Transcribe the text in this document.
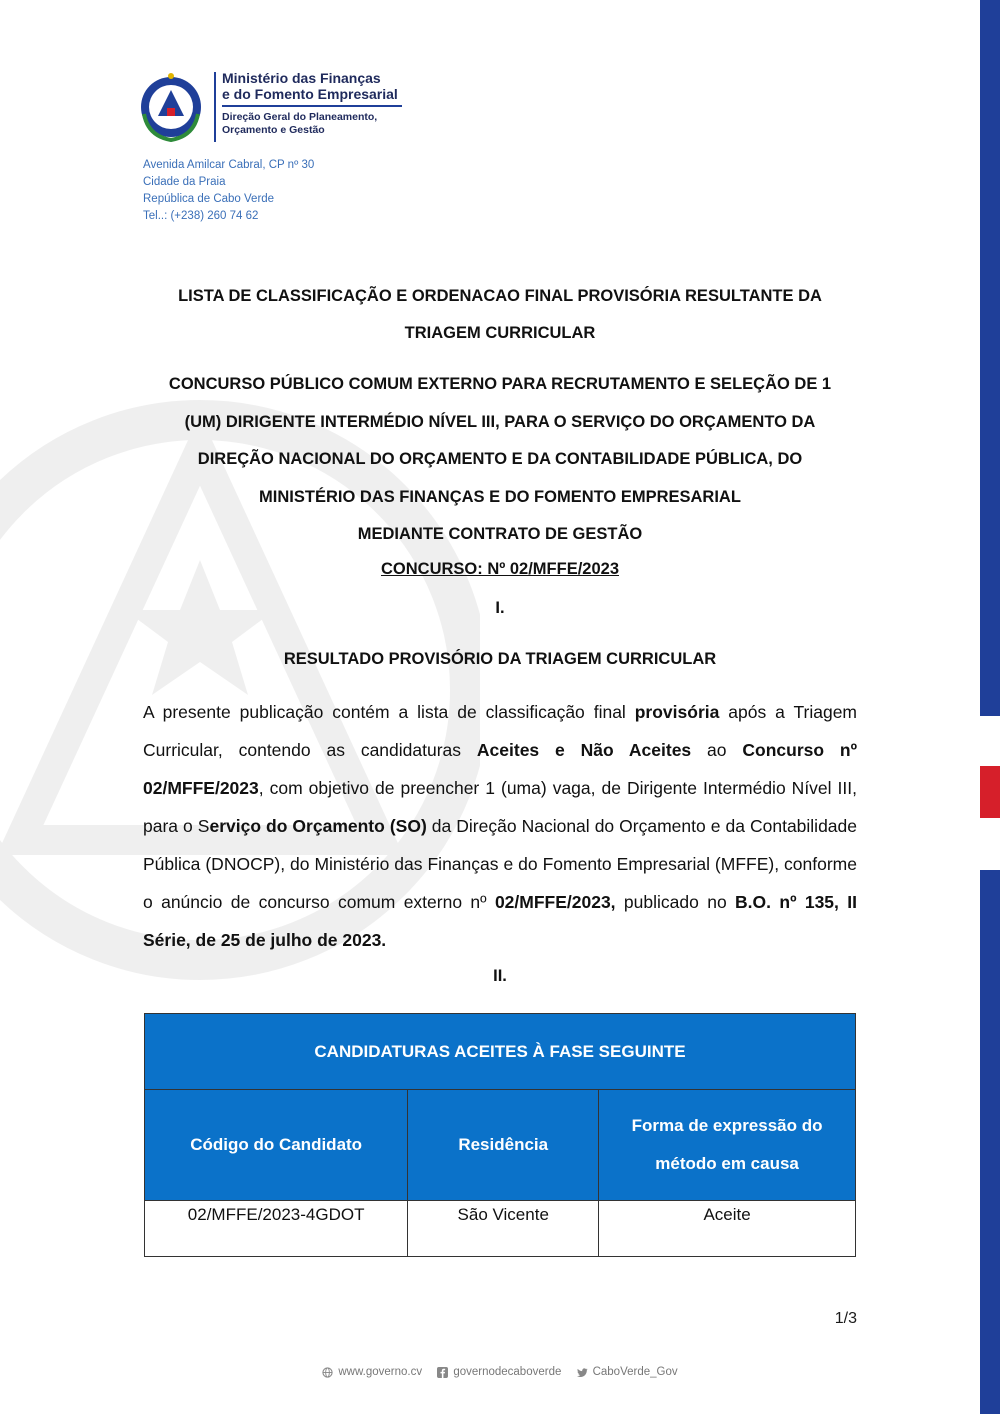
Ministério das Finanças
e do Fomento Empresarial
Direção Geral do Planeamento,
Orçamento e Gestão
Avenida Amilcar Cabral, CP nº 30
Cidade da Praia
República de Cabo Verde
Tel..: (+238) 260 74 62
LISTA DE CLASSIFICAÇÃO E ORDENACAO FINAL PROVISÓRIA RESULTANTE DA
TRIAGEM CURRICULAR
CONCURSO PÚBLICO COMUM EXTERNO PARA RECRUTAMENTO E SELEÇÃO DE 1
(UM) DIRIGENTE INTERMÉDIO NÍVEL III, PARA O SERVIÇO DO ORÇAMENTO DA
DIREÇÃO NACIONAL DO ORÇAMENTO E DA CONTABILIDADE PÚBLICA, DO
MINISTÉRIO DAS FINANÇAS E DO FOMENTO EMPRESARIAL
MEDIANTE CONTRATO DE GESTÃO
CONCURSO: Nº 02/MFFE/2023
I.
RESULTADO PROVISÓRIO DA TRIAGEM CURRICULAR
A presente publicação contém a lista de classificação final provisória após a Triagem Curricular, contendo as candidaturas Aceites e Não Aceites ao Concurso nº 02/MFFE/2023, com objetivo de preencher 1 (uma) vaga, de Dirigente Intermédio Nível III, para o Serviço do Orçamento (SO) da Direção Nacional do Orçamento e da Contabilidade Pública (DNOCP), do Ministério das Finanças e do Fomento Empresarial (MFFE), conforme o anúncio de concurso comum externo nº 02/MFFE/2023, publicado no B.O. nº 135, II Série, de 25 de julho de 2023.
II.
CANDIDATURAS ACEITES À FASE SEGUINTE		
Código do Candidato	Residência	Forma de expressão do método em causa
02/MFFE/2023-4GDOT	São Vicente	Aceite
1/3
www.governo.cv
	governodecaboverde
	CaboVerde_Gov
